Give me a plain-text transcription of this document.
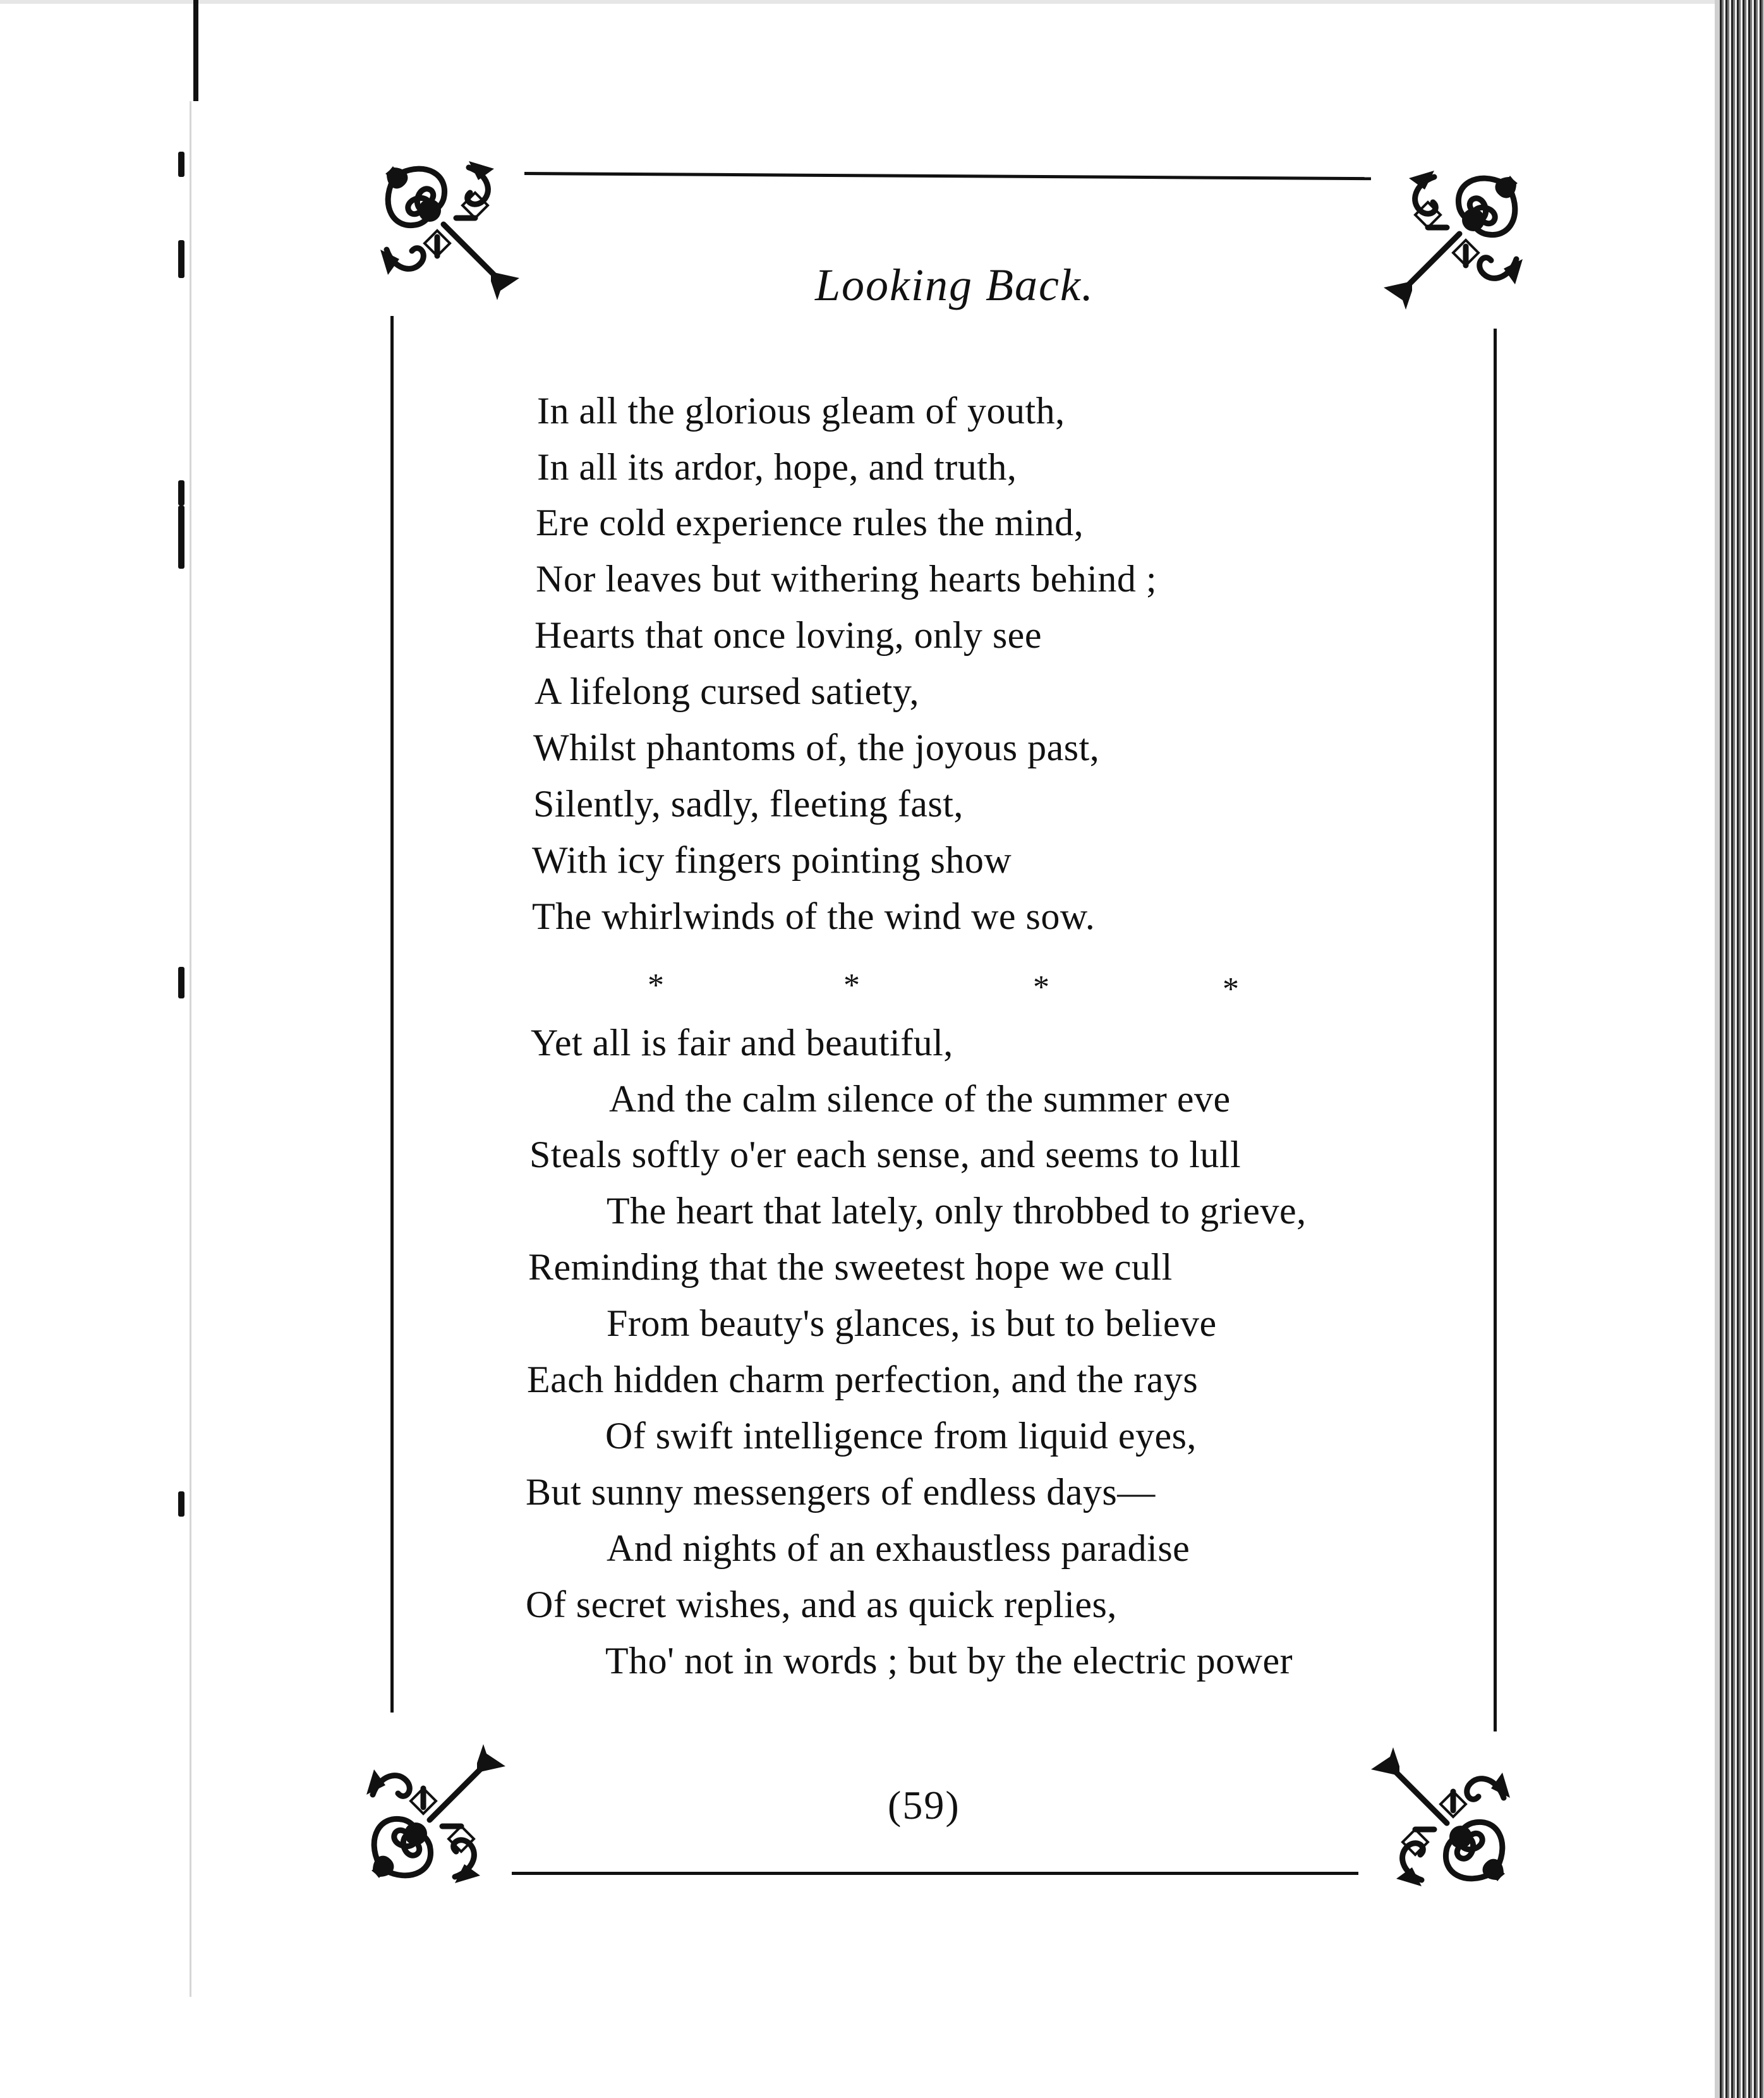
Looking Back.
In all the glorious gleam of youth,
In all its ardor, hope, and truth,
Ere cold experience rules the mind,
Nor leaves but withering hearts behind ;
Hearts that once loving, only see
A lifelong cursed satiety,
Whilst phantoms of, the joyous past,
Silently, sadly, fleeting fast,
With icy fingers pointing show
The whirlwinds of the wind we sow.
*	*	*	*
Yet all is fair and beautiful,
And the calm silence of the summer eve
Steals softly o'er each sense, and seems to lull
The heart that lately, only throbbed to grieve,
Reminding that the sweetest hope we cull
From beauty's glances, is but to believe
Each hidden charm perfection, and the rays
Of swift intelligence from liquid eyes,
But sunny messengers of endless days—
And nights of an exhaustless paradise
Of secret wishes, and as quick replies,
Tho' not in words ; but by the electric power
(59)
